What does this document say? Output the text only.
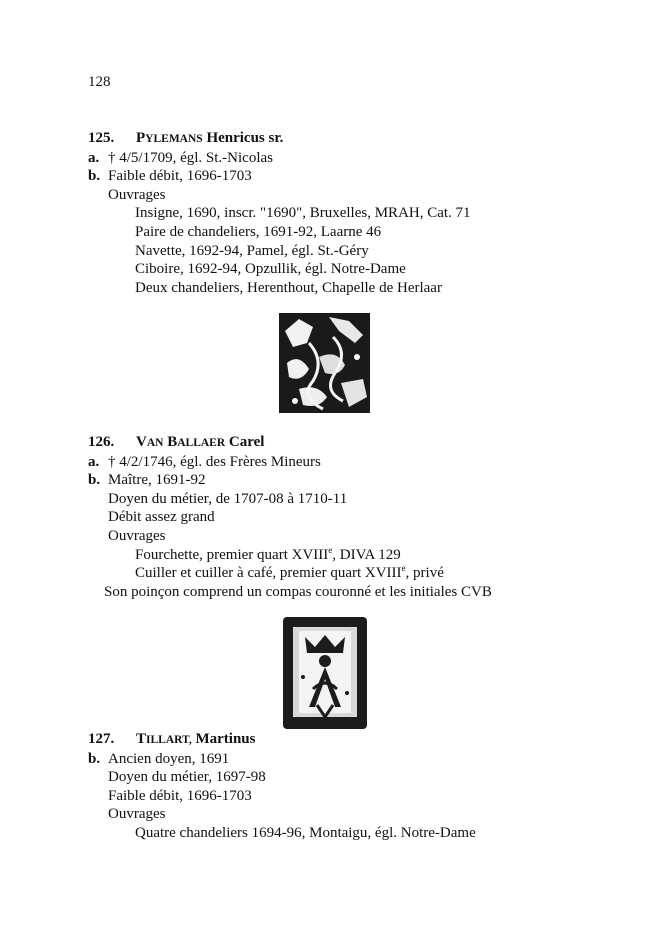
128
125. PYLEMANS Henricus sr.
a. † 4/5/1709, égl. St.-Nicolas
b. Faible débit, 1696-1703
Ouvrages
Insigne, 1690, inscr. "1690", Bruxelles, MRAH, Cat. 71
Paire de chandeliers, 1691-92, Laarne 46
Navette, 1692-94, Pamel, égl. St.-Géry
Ciboire, 1692-94, Opzullik, égl. Notre-Dame
Deux chandeliers, Herenthout, Chapelle de Herlaar
126. VAN BALLAER Carel
a. † 4/2/1746, égl. des Frères Mineurs
b. Maître, 1691-92
Doyen du métier, de 1707-08 à 1710-11
Débit assez grand
Ouvrages
Fourchette, premier quart XVIIIe, DIVA 129
Cuiller et cuiller à café, premier quart XVIIIe, privé
Son poinçon comprend un compas couronné et les initiales CVB
127. TILLART, Martinus
b. Ancien doyen, 1691
Doyen du métier, 1697-98
Faible débit, 1696-1703
Ouvrages
Quatre chandeliers 1694-96, Montaigu, égl. Notre-Dame
